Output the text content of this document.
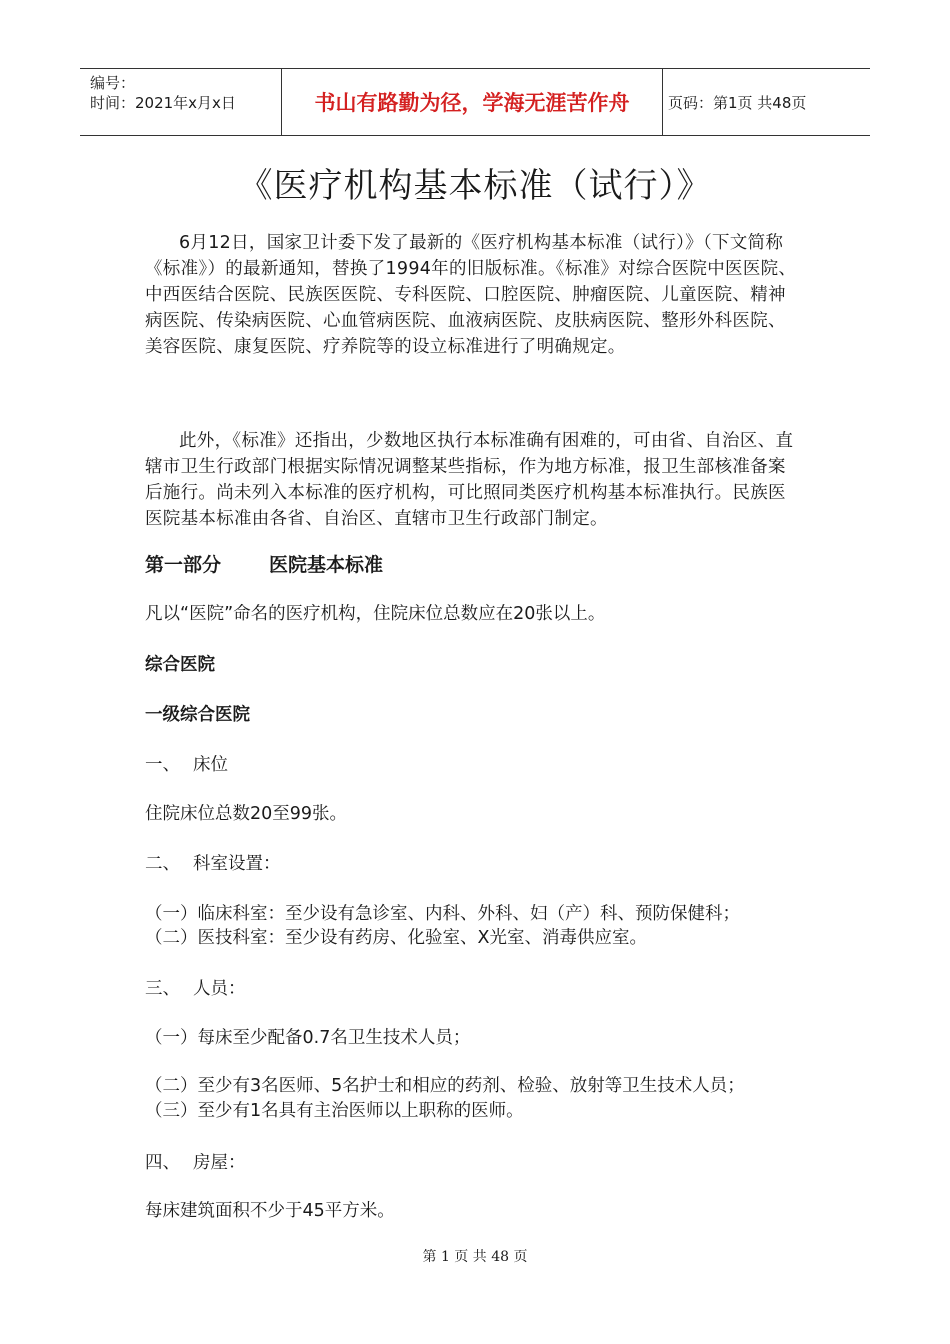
编号：
时间：2021年x月x日	书山有路勤为径，学海无涯苦作舟	页码：第1页 共48页
《医疗机构基本标准（试行）》
6月12日，国家卫计委下发了最新的《医疗机构基本标准（试行）》（下文简称《标准》）的最新通知，替换了1994年的旧版标准。《标准》对综合医院中医医院、中西医结合医院、民族医医院、专科医院、口腔医院、肿瘤医院、儿童医院、精神病医院、传染病医院、心血管病医院、血液病医院、皮肤病医院、整形外科医院、美容医院、康复医院、疗养院等的设立标准进行了明确规定。
此外，《标准》还指出，少数地区执行本标准确有困难的，可由省、自治区、直辖市卫生行政部门根据实际情况调整某些指标，作为地方标准，报卫生部核准备案后施行。尚未列入本标准的医疗机构，可比照同类医疗机构基本标准执行。民族医医院基本标准由各省、自治区、直辖市卫生行政部门制定。
第一部分	医院基本标准
凡以“医院”命名的医疗机构，住院床位总数应在20张以上。
综合医院
一级综合医院
一、 床位
住院床位总数20至99张。
二、 科室设置：
（一）临床科室：至少设有急诊室、内科、外科、妇（产）科、预防保健科；
（二）医技科室：至少设有药房、化验室、X光室、消毒供应室。
三、 人员：
（一）每床至少配备0.7名卫生技术人员；
（二）至少有3名医师、5名护士和相应的药剂、检验、放射等卫生技术人员；
（三）至少有1名具有主治医师以上职称的医师。
四、 房屋：
每床建筑面积不少于45平方米。
第 1 页 共 48 页
